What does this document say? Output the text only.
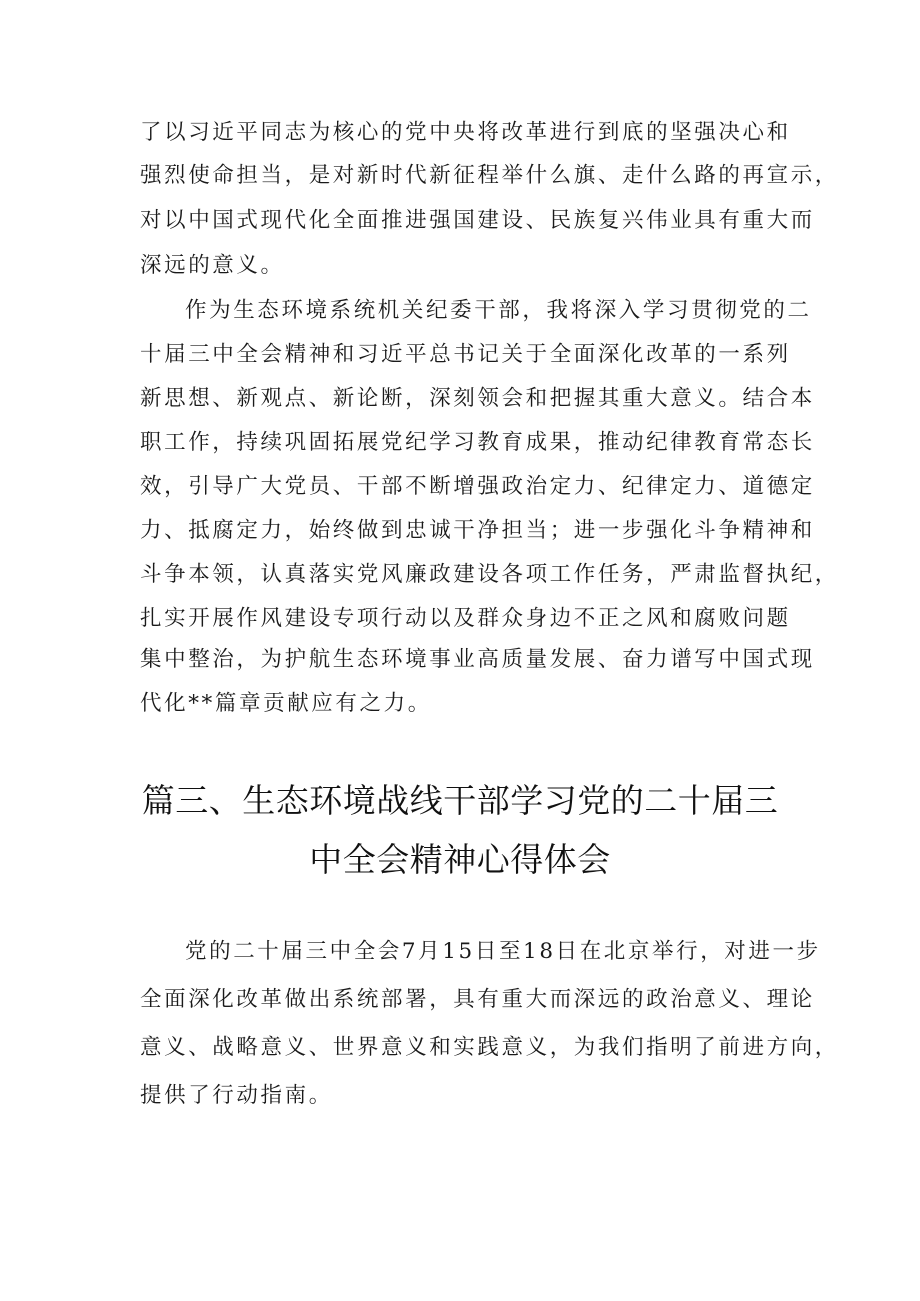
了以习近平同志为核心的党中央将改革进行到底的坚强决心和
强烈使命担当，是对新时代新征程举什么旗、走什么路的再宣示，
对以中国式现代化全面推进强国建设、民族复兴伟业具有重大而
深远的意义。
作为生态环境系统机关纪委干部，我将深入学习贯彻党的二
十届三中全会精神和习近平总书记关于全面深化改革的一系列
新思想、新观点、新论断，深刻领会和把握其重大意义。结合本
职工作，持续巩固拓展党纪学习教育成果，推动纪律教育常态长
效，引导广大党员、干部不断增强政治定力、纪律定力、道德定
力、抵腐定力，始终做到忠诚干净担当；进一步强化斗争精神和
斗争本领，认真落实党风廉政建设各项工作任务，严肃监督执纪，
扎实开展作风建设专项行动以及群众身边不正之风和腐败问题
集中整治，为护航生态环境事业高质量发展、奋力谱写中国式现
代化**篇章贡献应有之力。
篇三、生态环境战线干部学习党的二十届三
中全会精神心得体会
党的二十届三中全会7月15日至18日在北京举行，对进一步
全面深化改革做出系统部署，具有重大而深远的政治意义、理论
意义、战略意义、世界意义和实践意义，为我们指明了前进方向，
提供了行动指南。
